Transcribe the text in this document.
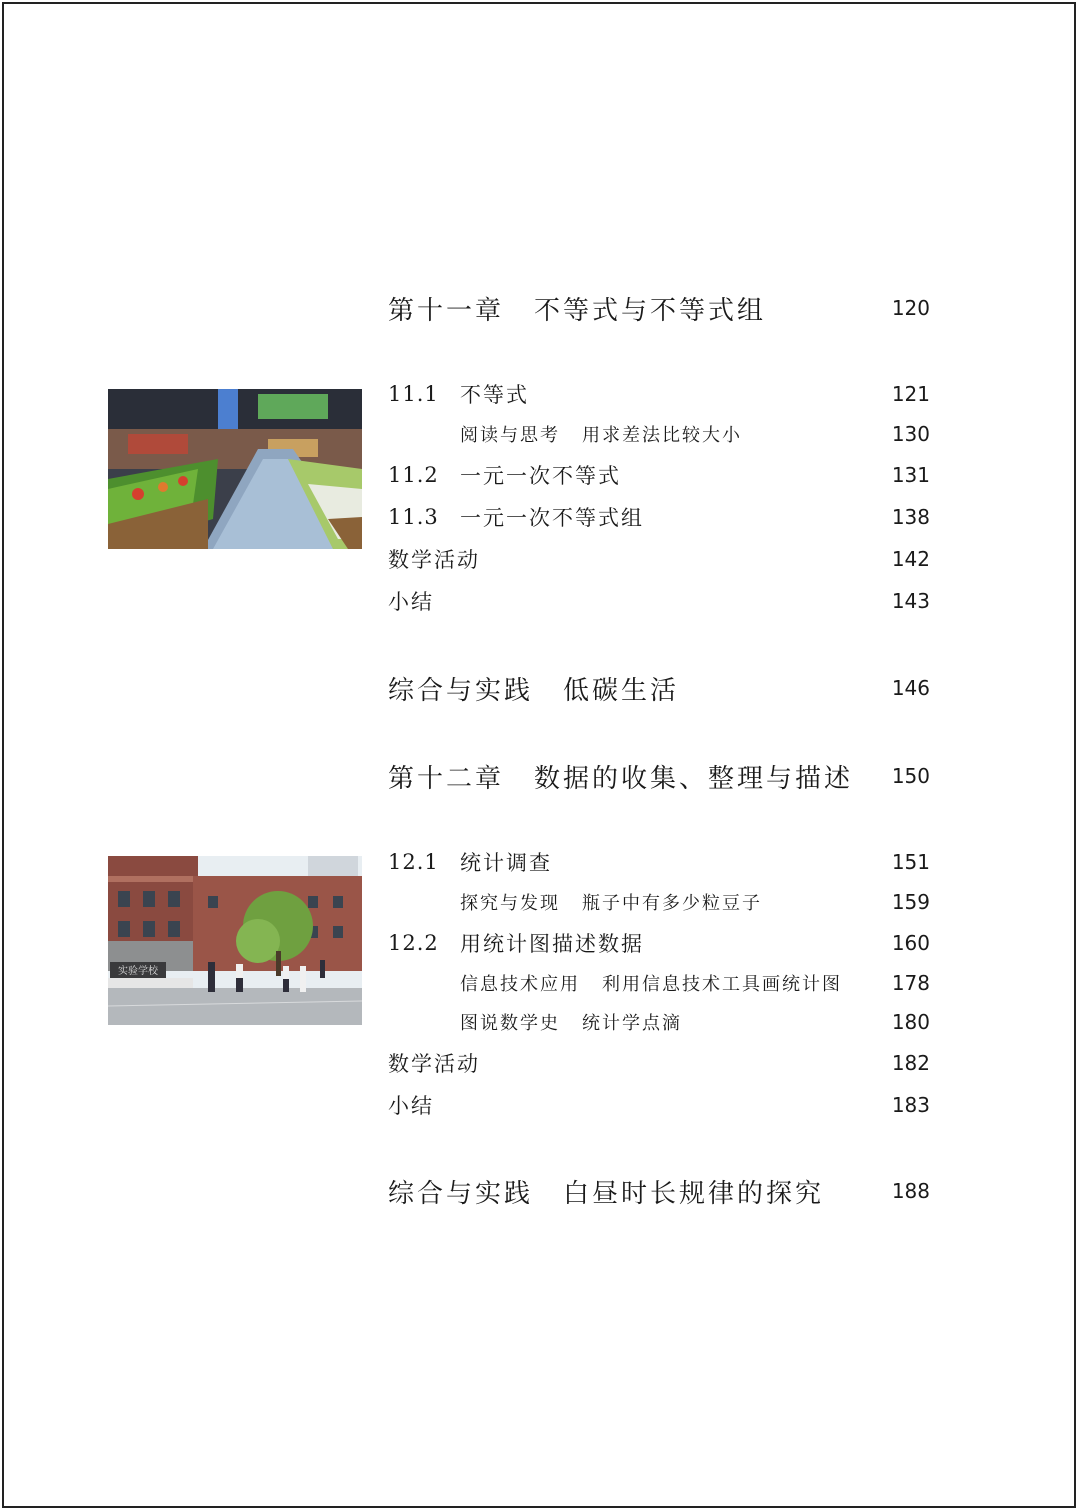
第十一章 不等式与不等式组	120
11.1	不等式	121
阅读与思考 用求差法比较大小	130
11.2	一元一次不等式	131
11.3	一元一次不等式组	138
数学活动	142
小结	143
综合与实践 低碳生活	146
第十二章 数据的收集、整理与描述 150
实验学校
12.1	统计调查	151
探究与发现 瓶子中有多少粒豆子	159
12.2	用统计图描述数据	160
信息技术应用 利用信息技术工具画统计图 178
图说数学史 统计学点滴	180
数学活动	182
小结	183
综合与实践 白昼时长规律的探究	188
